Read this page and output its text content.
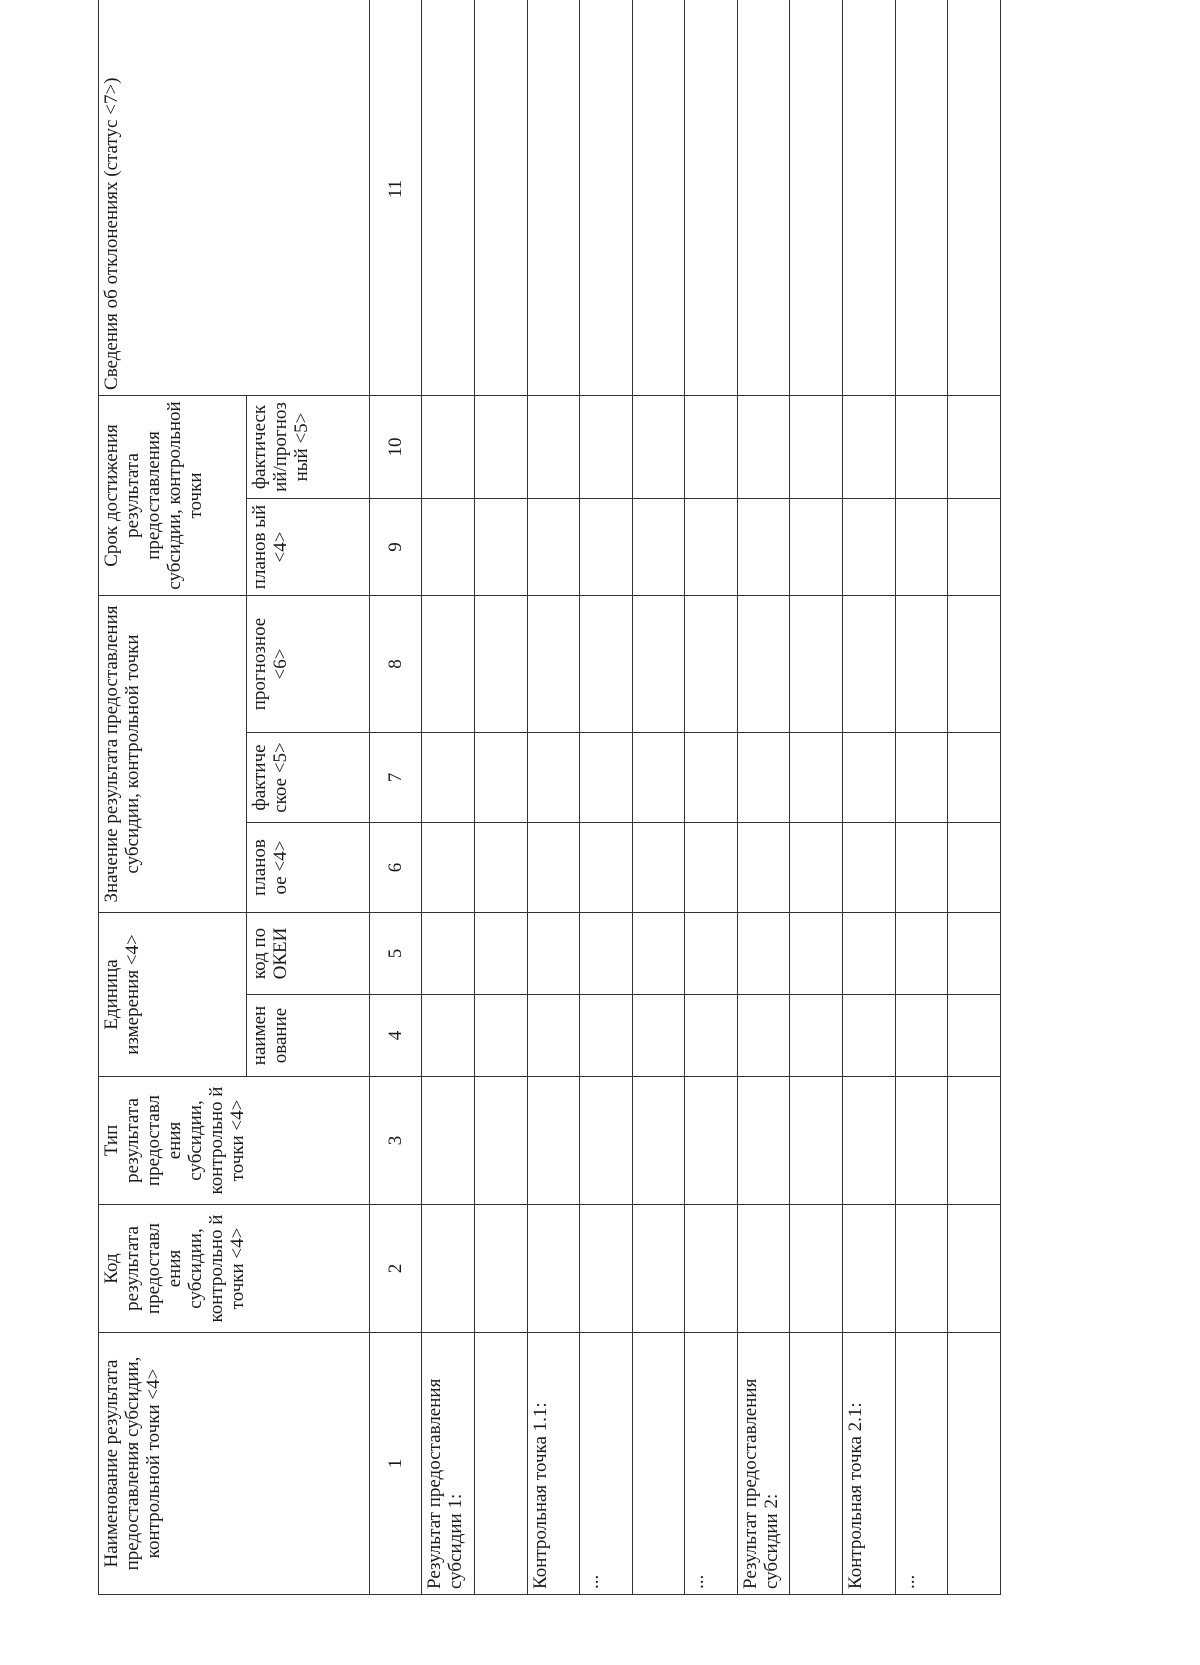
Наименование результата предоставления субсидии, контрольной точки <4>	Код результата предоставл ения субсидии, контрольно й точки <4>	Тип результата предоставл ения субсидии, контрольно й точки <4>	Единица измерения <4>		Значение результата предоставления субсидии, контрольной точки			Срок достижения результата предоставления субсидии, контрольной точки		Сведения об отклонениях (статус <7>)
			наимен ование	код по ОКЕИ	планов ое <4>	фактиче ское <5>	прогнозное <6>	планов ый <4>	фактическ ий/прогноз ный <5>	
1	2	3	4	5	6	7	8	9	10	11
Результат предоставления субсидии 1:										

Контрольная точка 1.1:										
...										

...										
Результат предоставления субсидии 2:										

Контрольная точка 2.1:										
...										
